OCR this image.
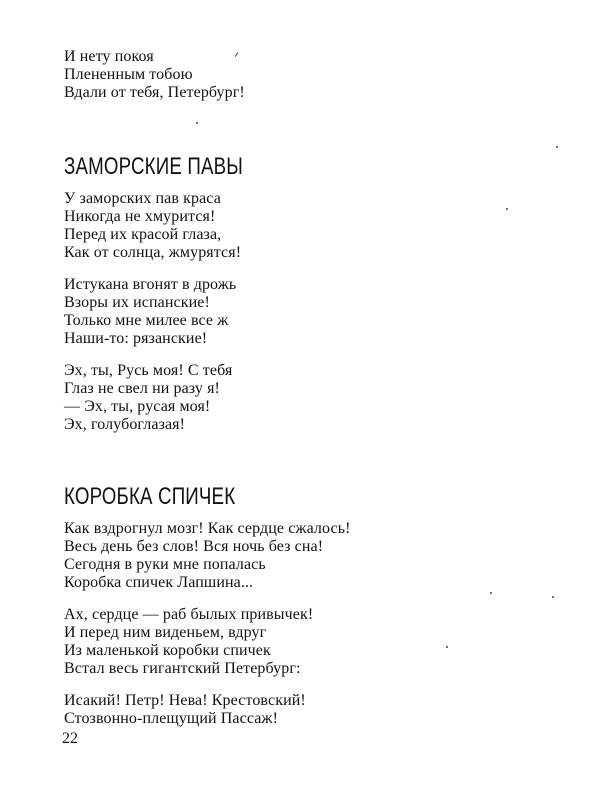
И нету покоя
Плененным тобою
Вдали от тебя, Петербург!
ЗАМОРСКИЕ ПАВЫ
У заморских пав краса
Никогда не хмурится!
Перед их красой глаза,
Как от солнца, жмурятся!
Истукана вгонят в дрожь
Взоры их испанские!
Только мне милее все ж
Наши-то: рязанские!
Эх, ты, Русь моя! С тебя
Глаз не свел ни разу я!
— Эх, ты, русая моя!
Эх, голубоглазая!
КОРОБКА СПИЧЕК
Как вздрогнул мозг! Как сердце сжалось!
Весь день без слов! Вся ночь без сна!
Сегодня в руки мне попалась
Коробка спичек Лапшина...
Ах, сердце — раб былых привычек!
И перед ним виденьем, вдруг
Из маленькой коробки спичек
Встал весь гигантский Петербург:
Исакий! Петр! Нева! Крестовский!
Стозвонно-плещущий Пассаж!
22
